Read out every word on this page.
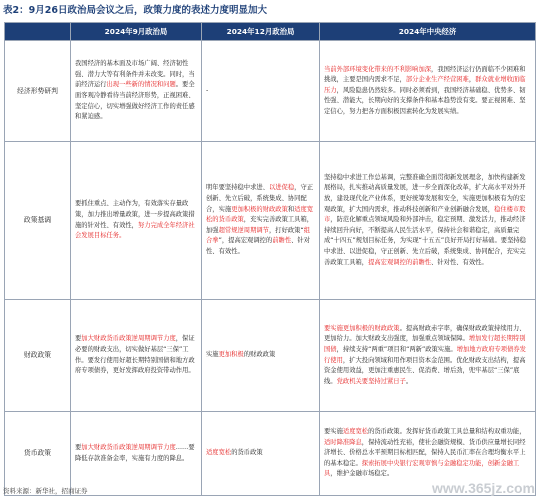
表2：9月26日政治局会议之后，政策力度的表述力度明显加大
	2024年9月政治局	2024年12月政治局	2024年中央经济
经济形势研判	我国经济的基本面及市场广阔、经济韧性强、潜力大等有利条件并未改变。同时，当前经济运行出现一些新的情况和问题。要全面客观冷静看待当前经济形势，正视困难、坚定信心，切实增强做好经济工作的责任感和紧迫感。	-	当前外部环境变化带来的不利影响加深，我国经济运行仍面临不少困难和挑战，主要是国内需求不足，部分企业生产经营困难，群众就业增收面临压力，风险隐患仍然较多。同时必须看到，我国经济基础稳、优势多、韧性强、潜能大，长期向好的支撑条件和基本趋势没有变。要正视困难、坚定信心，努力把各方面积极因素转化为发展实绩。
政策基调	要抓住重点、主动作为，有效落实存量政策，加力推出增量政策，进一步提高政策措施的针对性、有效性，努力完成全年经济社会发展目标任务。	明年要坚持稳中求进、以进促稳，守正创新、先立后破，系统集成、协同配合，实施更加积极的财政政策和适度宽松的货币政策，充实完善政策工具箱，加强超常规逆周期调节，打好政策“组合拳”，提高宏观调控的前瞻性、针对性、有效性。	坚持稳中求进工作总基调，完整准确全面贯彻新发展理念，加快构建新发展格局，扎实推动高质量发展，进一步全面深化改革，扩大高水平对外开放，建设现代化产业体系，更好统筹发展和安全，实施更加积极有为的宏观政策，扩大国内需求，推动科技创新和产业创新融合发展，稳住楼市股市，防范化解重点领域风险和外部冲击，稳定预期、激发活力，推动经济持续回升向好，不断提高人民生活水平，保持社会和谐稳定，高质量完成“十四五”规划目标任务，为实现“十五五”良好开局打好基础。要坚持稳中求进、以进促稳，守正创新、先立后破，系统集成、协同配合，充实完善政策工具箱，提高宏观调控的前瞻性、针对性、有效性。
财政政策	要加大财政货币政策逆周期调节力度，保证必要的财政支出，切实做好基层“三保”工作。要发行使用好超长期特别国债和地方政府专项债券，更好发挥政府投资带动作用。	实施更加积极的财政政策	要实施更加积极的财政政策。提高财政赤字率，确保财政政策持续用力、更加给力。加大财政支出强度，加强重点领域保障。增加发行超长期特别国债，持续支持“两重”项目和“两新”政策实施。增加地方政府专项债券发行使用，扩大投向领域和用作项目资本金范围。优化财政支出结构，提高资金使用效益，更加注重惠民生、促消费、增后劲，兜牢基层“三保”底线。党政机关要坚持过紧日子。
货币政策	要加大财政货币政策逆周期调节力度……要降低存款准备金率，实施有力度的降息。	适度宽松的货币政策	要实施适度宽松的货币政策。发挥好货币政策工具总量和结构双重功能，适时降准降息，保持流动性充裕，使社会融资规模、货币供应量增长同经济增长、价格总水平预期目标相匹配，保持人民币汇率在合理均衡水平上的基本稳定。探索拓展中央银行宏观审慎与金融稳定功能，创新金融工具，维护金融市场稳定。
资料来源：新华社，招商证券	www.365jz.com
